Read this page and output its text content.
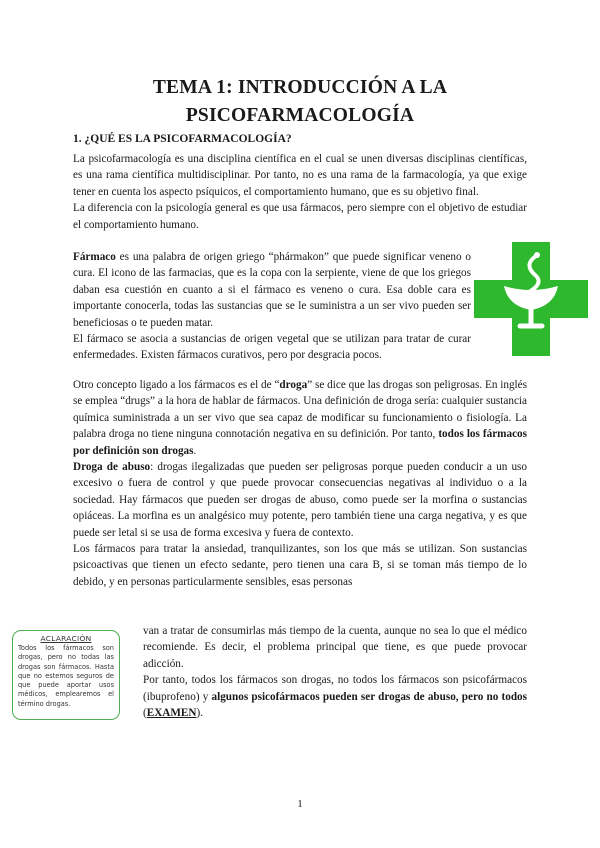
TEMA 1: INTRODUCCIÓN A LA
PSICOFARMACOLOGÍA
1. ¿QUÉ ES LA PSICOFARMACOLOGÍA?

La psicofarmacología es una disciplina científica en el cual se unen diversas disciplinas científicas, es una rama científica multidisciplinar. Por tanto, no es una rama de la farmacología, ya que exige tener en cuenta los aspecto psíquicos, el comportamiento humano, que es su objetivo final.

La diferencia con la psicología general es que usa fármacos, pero siempre con el objetivo de estudiar el comportamiento humano.

Fármaco es una palabra de origen griego “phármakon” que puede significar veneno o cura. El icono de las farmacias, que es la copa con la serpiente, viene de que los griegos daban esa cuestión en cuanto a si el fármaco es veneno o cura. Esa doble cara es importante conocerla, todas las sustancias que se le suministra a un ser vivo pueden ser beneficiosas o te pueden matar.

El fármaco se asocia a sustancias de origen vegetal que se utilizan para tratar de curar enfermedades. Existen fármacos curativos, pero por desgracia pocos.

Otro concepto ligado a los fármacos es el de “droga” se dice que las drogas son peligrosas. En inglés se emplea “drugs” a la hora de hablar de fármacos. Una definición de droga sería: cualquier sustancia química suministrada a un ser vivo que sea capaz de modificar su funcionamiento o fisiología. La palabra droga no tiene ninguna connotación negativa en su definición. Por tanto, todos los fármacos por definición son drogas.

Droga de abuso: drogas ilegalizadas que pueden ser peligrosas porque pueden conducir a un uso excesivo o fuera de control y que puede provocar consecuencias negativas al individuo o a la sociedad. Hay fármacos que pueden ser drogas de abuso, como puede ser la morfina o sustancias opiáceas. La morfina es un analgésico muy potente, pero también tiene una carga negativa, y es que puede ser letal si se usa de forma excesiva y fuera de contexto.

Los fármacos para tratar la ansiedad, tranquilizantes, son los que más se utilizan. Son sustancias psicoactivas que tienen un efecto sedante, pero tienen una cara B, si se toman más tiempo de lo debido, y en personas particularmente sensibles, esas personas

van a tratar de consumirlas más tiempo de la cuenta, aunque no sea lo que el médico recomiende. Es decir, el problema principal que tiene, es que puede provocar adicción.

Por tanto, todos los fármacos son drogas, no todos los fármacos son psicofármacos (ibuprofeno) y algunos psicofármacos pueden ser drogas de abuso, pero no todos (EXAMEN).

ACLARACIÓN
Todos los fármacos son drogas, pero no todas las drogas son fármacos. Hasta que no estemos seguros de que puede aportar usos médicos, emplearemos el término drogas.
1
